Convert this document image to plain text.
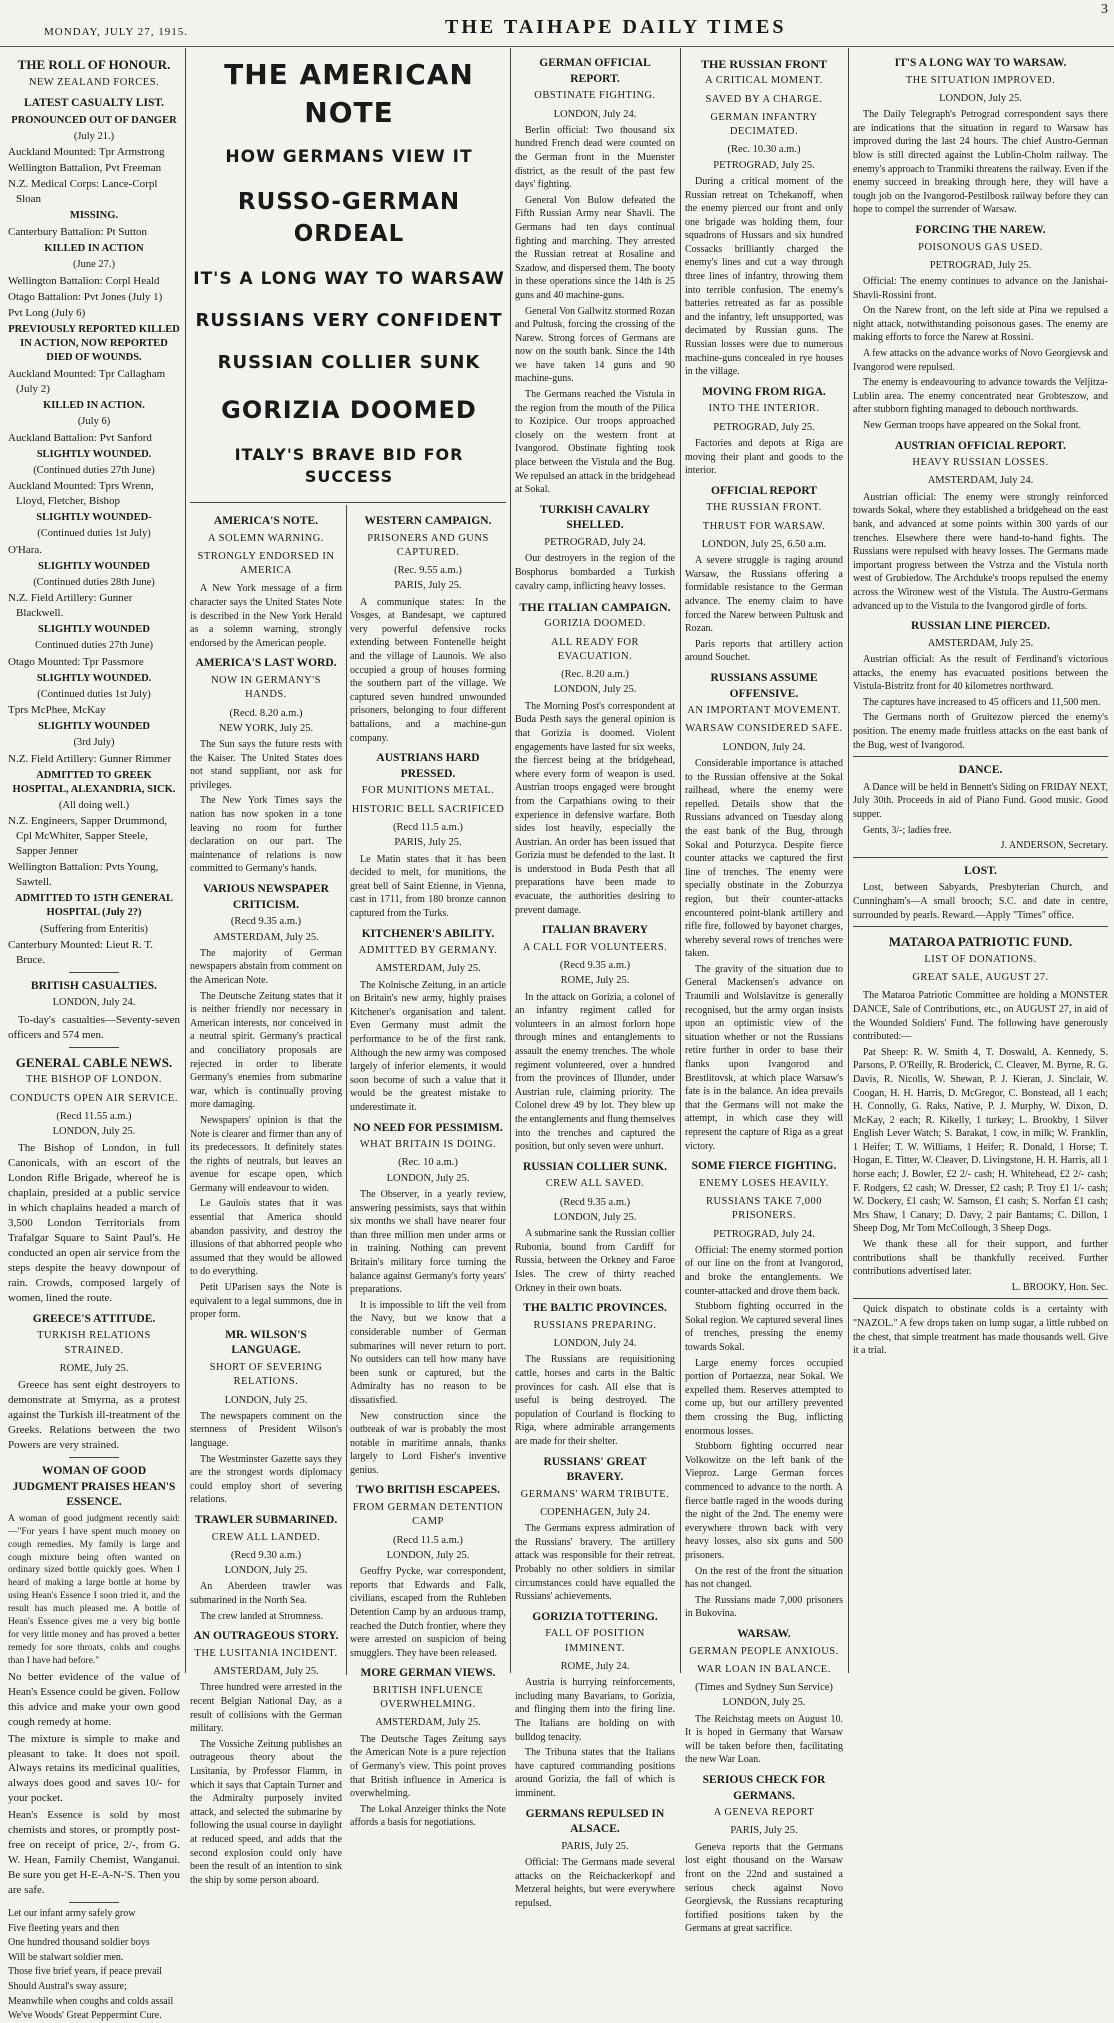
MONDAY, JULY 27, 1915.	THE TAIHAPE DAILY TIMES
3
THE ROLL OF HONOUR.
NEW ZEALAND FORCES.
LATEST CASUALTY LIST.
PRONOUNCED OUT OF DANGER
(July 21.)
Auckland Mounted: Tpr Armstrong
Wellington Battalion, Pvt Freeman
N.Z. Medical Corps: Lance-Corpl Sloan
MISSING.
Canterbury Battalion: Pt Sutton
KILLED IN ACTION
(June 27.)
Wellington Battalion: Corpl Heald
Otago Battalion: Pvt Jones (July 1)
Pvt Long (July 6)
PREVIOUSLY REPORTED KILLED IN ACTION, NOW REPORTED DIED OF WOUNDS.
Auckland Mounted: Tpr Callagham (July 2)
KILLED IN ACTION.
(July 6)
Auckland Battalion: Pvt Sanford
SLIGHTLY WOUNDED.
(Continued duties 27th June)
Auckland Mounted: Tprs Wrenn, Lloyd, Fletcher, Bishop
SLIGHTLY WOUNDED-
(Continued duties 1st July)
O'Hara.
SLIGHTLY WOUNDED
(Continued duties 28th June)
N.Z. Field Artillery: Gunner Blackwell.
SLIGHTLY WOUNDED
Continued duties 27th June)
Otago Mounted: Tpr Passmore
SLIGHTLY WOUNDED.
(Continued duties 1st July)
Tprs McPhee, McKay
SLIGHTLY WOUNDED
(3rd July)
N.Z. Field Artillery: Gunner Rimmer
ADMITTED TO GREEK HOSPITAL, ALEXANDRIA, SICK.
(All doing well.)
N.Z. Engineers, Sapper Drummond, Cpl McWhiter, Sapper Steele, Sapper Jenner
Wellington Battalion: Pvts Young, Sawtell.
ADMITTED TO 15TH GENERAL HOSPITAL (July 2?)
(Suffering from Enteritis)
Canterbury Mounted: Lieut R. T. Bruce.
BRITISH CASUALTIES.
LONDON, July 24.

To-day's casualties—Seventy-seven officers and 574 men.

GENERAL CABLE NEWS.
THE BISHOP OF LONDON.
CONDUCTS OPEN AIR SERVICE.
(Recd 11.55 a.m.)
LONDON, July 25.

The Bishop of London, in full Canonicals, with an escort of the London Rifle Brigade, whereof he is chaplain, presided at a public service in which chaplains headed a march of 3,500 London Territorials from Trafalgar Square to Saint Paul's. He conducted an open air service from the steps despite the heavy downpour of rain. Crowds, composed largely of women, lined the route.

GREECE'S ATTITUDE.
TURKISH RELATIONS STRAINED.
ROME, July 25.

Greece has sent eight destroyers to demonstrate at Smyrna, as a protest against the Turkish ill-treatment of the Greeks. Relations between the two Powers are very strained.

WOMAN OF GOOD JUDGMENT PRAISES HEAN'S ESSENCE.

A woman of good judgment recently said:—"For years I have spent much money on cough remedies. My family is large and cough mixture being often wanted on ordinary sized bottle quickly goes. When I heard of making a large bottle at home by using Hean's Essence I soon tried it, and the result has much pleased me. A bottle of Hean's Essence gives me a very big bottle for very little money and has proved a better remedy for sore throats, colds and coughs than I have had before."

No better evidence of the value of Hean's Essence could be given. Follow this advice and make your own good cough remedy at home.

The mixture is simple to make and pleasant to take. It does not spoil. Always retains its medicinal qualities, always does good and saves 10/- for your pocket.

Hean's Essence is sold by most chemists and stores, or promptly post-free on receipt of price, 2/-, from G. W. Hean, Family Chemist, Wanganui. Be sure you get H-E-A-N-'S. Then you are safe.

Let our infant army safely grow
Five fleeting years and then
One hundred thousand soldier boys
Will be stalwart soldier men.
Those five brief years, if peace prevail
Should Austral's sway assure;
Meanwhile when coughs and colds assail
We've Woods' Great Peppermint Cure.
THE AMERICAN NOTE
HOW GERMANS VIEW IT
RUSSO-GERMAN ORDEAL
IT'S A LONG WAY TO WARSAW
RUSSIANS VERY CONFIDENT
RUSSIAN COLLIER SUNK
GORIZIA DOOMED
ITALY'S BRAVE BID FOR SUCCESS
AMERICA'S NOTE.
A SOLEMN WARNING.
STRONGLY ENDORSED IN AMERICA

A New York message of a firm character says the United States Note is described in the New York Herald as a solemn warning, strongly endorsed by the American people.

AMERICA'S LAST WORD.
NOW IN GERMANY'S HANDS.
(Recd. 8.20 a.m.)
NEW YORK, July 25.

The Sun says the future rests with the Kaiser. The United States does not stand suppliant, nor ask for privileges.

The New York Times says the nation has now spoken in a tone leaving no room for further declaration on our part. The maintenance of relations is now committed to Germany's hands.

VARIOUS NEWSPAPER CRITICISM.
(Recd 9.35 a.m.)
AMSTERDAM, July 25.

The majority of German newspapers abstain from comment on the American Note.

The Deutsche Zeitung states that it is neither friendly nor necessary in American interests, nor conceived in a neutral spirit. Germany's practical and conciliatory proposals are rejected in order to liberate Germany's enemies from submarine war, which is continually proving more damaging.

Newspapers' opinion is that the Note is clearer and firmer than any of its predecessors. It definitely states the rights of neutrals, but leaves an avenue for escape open, which Germany will endeavour to widen.

Le Gaulois states that it was essential that America should abandon passivity, and destroy the illusions of that abhorred people who assumed that they would be allowed to do everything.

Petit UParisen says the Note is equivalent to a legal summons, due in proper form.

MR. WILSON'S LANGUAGE.
SHORT OF SEVERING RELATIONS.
LONDON, July 25.

The newspapers comment on the sternness of President Wilson's language.

The Westminster Gazette says they are the strongest words diplomacy could employ short of severing relations.

TRAWLER SUBMARINED.
CREW ALL LANDED.
(Recd 9.30 a.m.)
LONDON, July 25.

An Aberdeen trawler was submarined in the North Sea.

The crew landed at Stromness.

AN OUTRAGEOUS STORY.
THE LUSITANIA INCIDENT.
AMSTERDAM, July 25.

Three hundred were arrested in the recent Belgian National Day, as a result of collisions with the German military.

The Vossiche Zeitung publishes an outrageous theory about the Lusitania, by Professor Flamm, in which it says that Captain Turner and the Admiralty purposely invited attack, and selected the submarine by following the usual course in daylight at reduced speed, and adds that the second explosion could only have been the result of an intention to sink the ship by some person aboard.

WESTERN CAMPAIGN.
PRISONERS AND GUNS CAPTURED.
(Rec. 9.55 a.m.)
PARIS, July 25.

A communique states: In the Vosges, at Bandesapt, we captured very powerful defensive rocks extending between Fontenelle height and the village of Launois. We also occupied a group of houses forming the southern part of the village. We captured seven hundred unwounded prisoners, belonging to four different battalions, and a machine-gun company.

AUSTRIANS HARD PRESSED.
FOR MUNITIONS METAL.
HISTORIC BELL SACRIFICED
(Recd 11.5 a.m.)
PARIS, July 25.

Le Matin states that it has been decided to melt, for munitions, the great bell of Saint Etienne, in Vienna, cast in 1711, from 180 bronze cannon captured from the Turks.

KITCHENER'S ABILITY.
ADMITTED BY GERMANY.
AMSTERDAM, July 25.

The Kolnische Zeitung, in an article on Britain's new army, highly praises Kitchener's organisation and talent. Even Germany must admit the performance to be of the first rank. Although the new army was composed largely of inferior elements, it would soon become of such a value that it would be the greatest mistake to underestimate it.

NO NEED FOR PESSIMISM.
WHAT BRITAIN IS DOING.
(Rec. 10 a.m.)
LONDON, July 25.

The Observer, in a yearly review, answering pessimists, says that within six months we shall have nearer four than three million men under arms or in training. Nothing can prevent Britain's military force turning the balance against Germany's forty years' preparations.

It is impossible to lift the veil from the Navy, but we know that a considerable number of German submarines will never return to port. No outsiders can tell how many have been sunk or captured, but the Admiralty has no reason to be dissatisfied.

New construction since the outbreak of war is probably the most notable in maritime annals, thanks largely to Lord Fisher's inventive genius.

TWO BRITISH ESCAPEES.
FROM GERMAN DETENTION CAMP
(Recd 11.5 a.m.)
LONDON, July 25.

Geoffry Pycke, war correspondent, reports that Edwards and Falk, civilians, escaped from the Ruhleben Detention Camp by an arduous tramp, reached the Dutch frontier, where they were arrested on suspicion of being smugglers. They have been released.

MORE GERMAN VIEWS.
BRITISH INFLUENCE OVERWHELMING.
AMSTERDAM, July 25.

The Deutsche Tages Zeitung says the American Note is a pure rejection of Germany's view. This point proves that British influence in America is overwhelming.

The Lokal Anzeiger thinks the Note affords a basis for negotiations.

GERMAN OFFICIAL REPORT.
OBSTINATE FIGHTING.
LONDON, July 24.

Berlin official: Two thousand six hundred French dead were counted on the German front in the Muenster district, as the result of the past few days' fighting.

General Von Bulow defeated the Fifth Russian Army near Shavli. The Germans had ten days continual fighting and marching. They arrested the Russian retreat at Rosaline and Szadow, and dispersed them. The booty in these operations since the 14th is 25 guns and 40 machine-guns.

General Von Gallwitz stormed Rozan and Pultusk, forcing the crossing of the Narew. Strong forces of Germans are now on the south bank. Since the 14th we have taken 14 guns and 90 machine-guns.

The Germans reached the Vistula in the region from the mouth of the Pilica to Kozipice. Our troops approached closely on the western front at Ivangorod. Obstinate fighting took place between the Vistula and the Bug. We repulsed an attack in the bridgehead at Sokal.

TURKISH CAVALRY SHELLED.
PETROGRAD, July 24.

Our destroyers in the region of the Bosphorus bombarded a Turkish cavalry camp, inflicting heavy losses.

THE ITALIAN CAMPAIGN.
GORIZIA DOOMED.
ALL READY FOR EVACUATION.
(Rec. 8.20 a.m.)
LONDON, July 25.

The Morning Post's correspondent at Buda Pesth says the general opinion is that Gorizia is doomed. Violent engagements have lasted for six weeks, the fiercest being at the bridgehead, where every form of weapon is used. Austrian troops engaged were brought from the Carpathians owing to their experience in defensive warfare. Both sides lost heavily, especially the Austrian. An order has been issued that Gorizia must be defended to the last. It is understood in Buda Pesth that all preparations have been made to evacuate, the authorities desiring to prevent damage.

ITALIAN BRAVERY
A CALL FOR VOLUNTEERS.
(Recd 9.35 a.m.)
ROME, July 25.

In the attack on Gorizia, a colonel of an infantry regiment called for volunteers in an almost forlorn hope through mines and entanglements to assault the enemy trenches. The whole regiment volunteered, over a hundred from the provinces of Illunder, under Austrian rule, claiming priority. The Colonel drew 49 by lot. They blew up the entanglements and flung themselves into the trenches and captured the position, but only seven were unhurt.

RUSSIAN COLLIER SUNK.
CREW ALL SAVED.
(Recd 9.35 a.m.)
LONDON, July 25.

A submarine sank the Russian collier Rubonia, bound from Cardiff for Russia, between the Orkney and Faroe Isles. The crew of thirty reached Orkney in their own boats.

THE BALTIC PROVINCES.
RUSSIANS PREPARING.
LONDON, July 24.

The Russians are requisitioning cattle, horses and carts in the Baltic provinces for cash. All else that is useful is being destroyed. The population of Courland is flocking to Riga, where admirable arrangements are made for their shelter.

RUSSIANS' GREAT BRAVERY.
GERMANS' WARM TRIBUTE.
COPENHAGEN, July 24.

The Germans express admiration of the Russians' bravery. The artillery attack was responsible for their retreat. Probably no other soldiers in similar circumstances could have equalled the Russians' achievements.

GORIZIA TOTTERING.
FALL OF POSITION IMMINENT.
ROME, July 24.

Austria is hurrying reinforcements, including many Bavarians, to Gorizia, and flinging them into the firing line. The Italians are holding on with bulldog tenacity.

The Tribuna states that the Italians have captured commanding positions around Gorizia, the fall of which is imminent.

GERMANS REPULSED IN ALSACE.
PARIS, July 25.

Official: The Germans made several attacks on the Reichackerkopf and Metzeral heights, but were everywhere repulsed.

THE RUSSIAN FRONT
A CRITICAL MOMENT.
SAVED BY A CHARGE.
GERMAN INFANTRY DECIMATED.
(Rec. 10.30 a.m.)
PETROGRAD, July 25.

During a critical moment of the Russian retreat on Tchekanoff, when the enemy pierced our front and only one brigade was holding them, four squadrons of Hussars and six hundred Cossacks brilliantly charged the enemy's lines and cut a way through three lines of infantry, throwing them into terrible confusion. The enemy's batteries retreated as far as possible and the infantry, left unsupported, was decimated by Russian guns. The Russian losses were due to numerous machine-guns concealed in rye houses in the village.

MOVING FROM RIGA.
INTO THE INTERIOR.
PETROGRAD, July 25.

Factories and depots at Riga are moving their plant and goods to the interior.

OFFICIAL REPORT
THE RUSSIAN FRONT.
THRUST FOR WARSAW.
LONDON, July 25, 6.50 a.m.

A severe struggle is raging around Warsaw, the Russians offering a formidable resistance to the German advance. The enemy claim to have forced the Narew between Pultusk and Rozan.

Paris reports that artillery action around Souchet.

RUSSIANS ASSUME OFFENSIVE.
AN IMPORTANT MOVEMENT.
WARSAW CONSIDERED SAFE.
LONDON, July 24.

Considerable importance is attached to the Russian offensive at the Sokal railhead, where the enemy were repelled. Details show that the Russians advanced on Tuesday along the east bank of the Bug, through Sokal and Poturzyca. Despite fierce counter attacks we captured the first line of trenches. The enemy were specially obstinate in the Zoburzya region, but their counter-attacks encountered point-blank artillery and rifle fire, followed by bayonet charges, whereby several rows of trenches were taken.

The gravity of the situation due to General Mackensen's advance on Traumili and Wolslavitze is generally recognised, but the army organ insists upon an optimistic view of the situation whether or not the Russians retire further in order to base their flanks upon Ivangorod and Brestlitovsk, at which place Warsaw's fate is in the balance. An idea prevails that the Germans will not make the attempt, in which case they will represent the capture of Riga as a great victory.

SOME FIERCE FIGHTING.
ENEMY LOSES HEAVILY.
RUSSIANS TAKE 7,000 PRISONERS.
PETROGRAD, July 24.

Official: The enemy stormed portion of our line on the front at Ivangorod, and broke the entanglements. We counter-attacked and drove them back.

Stubborn fighting occurred in the Sokal region. We captured several lines of trenches, pressing the enemy towards Sokal.

Large enemy forces occupied portion of Portaezza, near Sokal. We expelled them. Reserves attempted to come up, but our artillery prevented them crossing the Bug, inflicting enormous losses.

Stubborn fighting occurred near Volkowitze on the left bank of the Vieproz. Large German forces commenced to advance to the north. A fierce battle raged in the woods during the night of the 2nd. The enemy were everywhere thrown back with very heavy losses, also six guns and 500 prisoners.

On the rest of the front the situation has not changed.

The Russians made 7,000 prisoners in Bukovina.

WARSAW.
GERMAN PEOPLE ANXIOUS.
WAR LOAN IN BALANCE.
(Times and Sydney Sun Service)
LONDON, July 25.

The Reichstag meets on August 10. It is hoped in Germany that Warsaw will be taken before then, facilitating the new War Loan.

SERIOUS CHECK FOR GERMANS.
A GENEVA REPORT
PARIS, July 25.

Geneva reports that the Germans lost eight thousand on the Warsaw front on the 22nd and sustained a serious check against Novo Georgievsk, the Russians recapturing fortified positions taken by the Germans at great sacrifice.

IT'S A LONG WAY TO WARSAW.
THE SITUATION IMPROVED.
LONDON, July 25.

The Daily Telegraph's Petrograd correspondent says there are indications that the situation in regard to Warsaw has improved during the last 24 hours. The chief Austro-German blow is still directed against the Lublin-Cholm railway. The enemy's approach to Tranmiki threatens the railway. Even if the enemy succeed in breaking through here, they will have a tough job on the Ivangorod-Pestilbosk railway before they can hope to compel the surrender of Warsaw.

FORCING THE NAREW.
POISONOUS GAS USED.
PETROGRAD, July 25.

Official: The enemy continues to advance on the Janishai-Shavli-Rossini front.

On the Narew front, on the left side at Pina we repulsed a night attack, notwithstanding poisonous gases. The enemy are making efforts to force the Narew at Rossini.

A few attacks on the advance works of Novo Georgievsk and Ivangorod were repulsed.

The enemy is endeavouring to advance towards the Veljitza-Lublin area. The enemy concentrated near Grobteszow, and after stubborn fighting managed to debouch northwards.

New German troops have appeared on the Sokal front.

AUSTRIAN OFFICIAL REPORT.
HEAVY RUSSIAN LOSSES.
AMSTERDAM, July 24.

Austrian official: The enemy were strongly reinforced towards Sokal, where they established a bridgehead on the east bank, and advanced at some points within 300 yards of our trenches. Elsewhere there were hand-to-hand fights. The Russians were repulsed with heavy losses. The Germans made important progress between the Vstrza and the Vistula north west of Grubiedow. The Archduke's troops repulsed the enemy across the Wironew west of the Vistula. The Austro-Germans advanced up to the Vistula to the Ivangorod girdle of forts.

RUSSIAN LINE PIERCED.
AMSTERDAM, July 25.

Austrian official: As the result of Ferdinand's victorious attacks, the enemy has evacuated positions between the Vistula-Bistritz front for 40 kilometres northward.

The captures have increased to 45 officers and 11,500 men.

The Germans north of Gruitezow pierced the enemy's position. The enemy made fruitless attacks on the east bank of the Bug, west of Ivangorod.

DANCE.

A Dance will be held in Bennett's Siding on FRIDAY NEXT, July 30th. Proceeds in aid of Piano Fund. Good music. Good supper.

Gents, 3/-; ladies free.

J. ANDERSON, Secretary.

LOST.

Lost, between Sabyards, Presbyterian Church, and Cunningham's—A small brooch; S.C. and date in centre, surrounded by pearls. Reward.—Apply "Times" office.

MATAROA PATRIOTIC FUND.
LIST OF DONATIONS.
GREAT SALE, AUGUST 27.

The Mataroa Patriotic Committee are holding a MONSTER DANCE, Sale of Contributions, etc., on AUGUST 27, in aid of the Wounded Soldiers' Fund. The following have generously contributed:—

Pat Sheep: R. W. Smith 4, T. Doswald, A. Kennedy, S. Parsons, P. O'Reilly, R. Broderick, C. Cleaver, M. Byrne, R. G. Davis, R. Nicolls, W. Shewan, P. J. Kieran, J. Sinclair, W. Coogan, H. H. Harris, D. McGregor, C. Bonstead, all 1 each; H. Connolly, G. Raks, Native, P. J. Murphy, W. Dixon, D. McKay, 2 each; R. Kikelly, 1 turkey; L. Brookby, 1 Silver English Lever Watch; S. Barakat, 1 cow, in milk; W. Franklin, 1 Heifer; T. W. Williams, 1 Heifer; R. Donald, 1 Horse; T. Hogan, E. Titter, W. Cleaver, D. Livingstone, H. H. Harris, all 1 horse each; J. Bowler, £2 2/- cash; H. Whitehead, £2 2/- cash; F. Rodgers, £2 cash; W. Dresser, £2 cash; P. Troy £1 1/- cash; W. Dockery, £1 cash; W. Samson, £1 cash; S. Norfan £1 cash; Mrs Shaw, 1 Canary; D. Davy, 2 pair Bantams; C. Dillon, 1 Sheep Dog, Mr Tom McCollough, 3 Sheep Dogs.

We thank these all for their support, and further contributions shall be thankfully received. Further contributions advertised later.

L. BROOKY, Hon. Sec.

Quick dispatch to obstinate colds is a certainty with "NAZOL." A few drops taken on lump sugar, a little rubbed on the chest, that simple treatment has made thousands well. Give it a trial.
